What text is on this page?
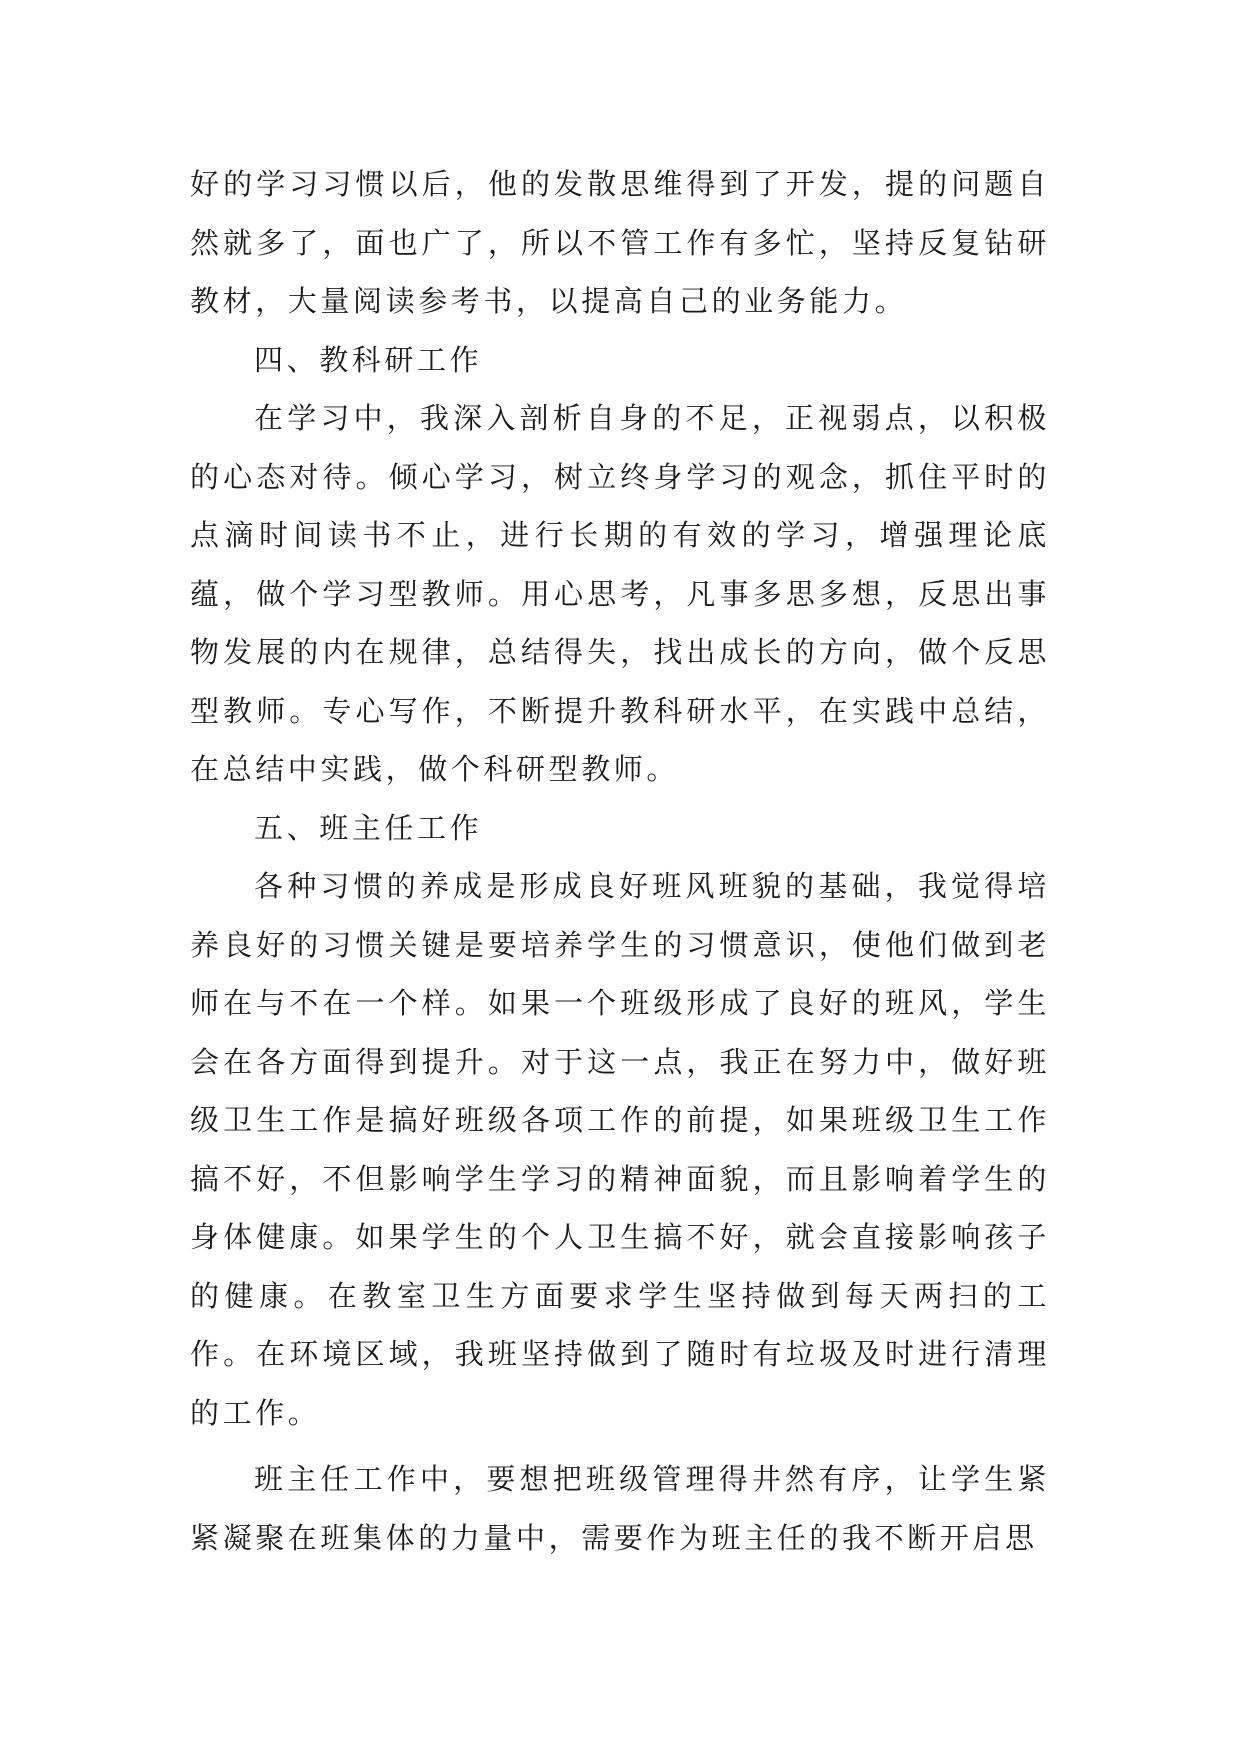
好的学习习惯以后，他的发散思维得到了开发，提的问题自然就多了，面也广了，所以不管工作有多忙，坚持反复钻研教材，大量阅读参考书，以提高自己的业务能力。

四、教科研工作

在学习中，我深入剖析自身的不足，正视弱点，以积极的心态对待。倾心学习，树立终身学习的观念，抓住平时的点滴时间读书不止，进行长期的有效的学习，增强理论底蕴，做个学习型教师。用心思考，凡事多思多想，反思出事物发展的内在规律，总结得失，找出成长的方向，做个反思型教师。专心写作，不断提升教科研水平，在实践中总结，在总结中实践，做个科研型教师。

五、班主任工作

各种习惯的养成是形成良好班风班貌的基础，我觉得培养良好的习惯关键是要培养学生的习惯意识，使他们做到老师在与不在一个样。如果一个班级形成了良好的班风，学生会在各方面得到提升。对于这一点，我正在努力中，做好班级卫生工作是搞好班级各项工作的前提，如果班级卫生工作搞不好，不但影响学生学习的精神面貌，而且影响着学生的身体健康。如果学生的个人卫生搞不好，就会直接影响孩子的健康。在教室卫生方面要求学生坚持做到每天两扫的工作。在环境区域，我班坚持做到了随时有垃圾及时进行清理的工作。

班主任工作中，要想把班级管理得井然有序，让学生紧紧凝聚在班集体的力量中，需要作为班主任的我不断开启思
